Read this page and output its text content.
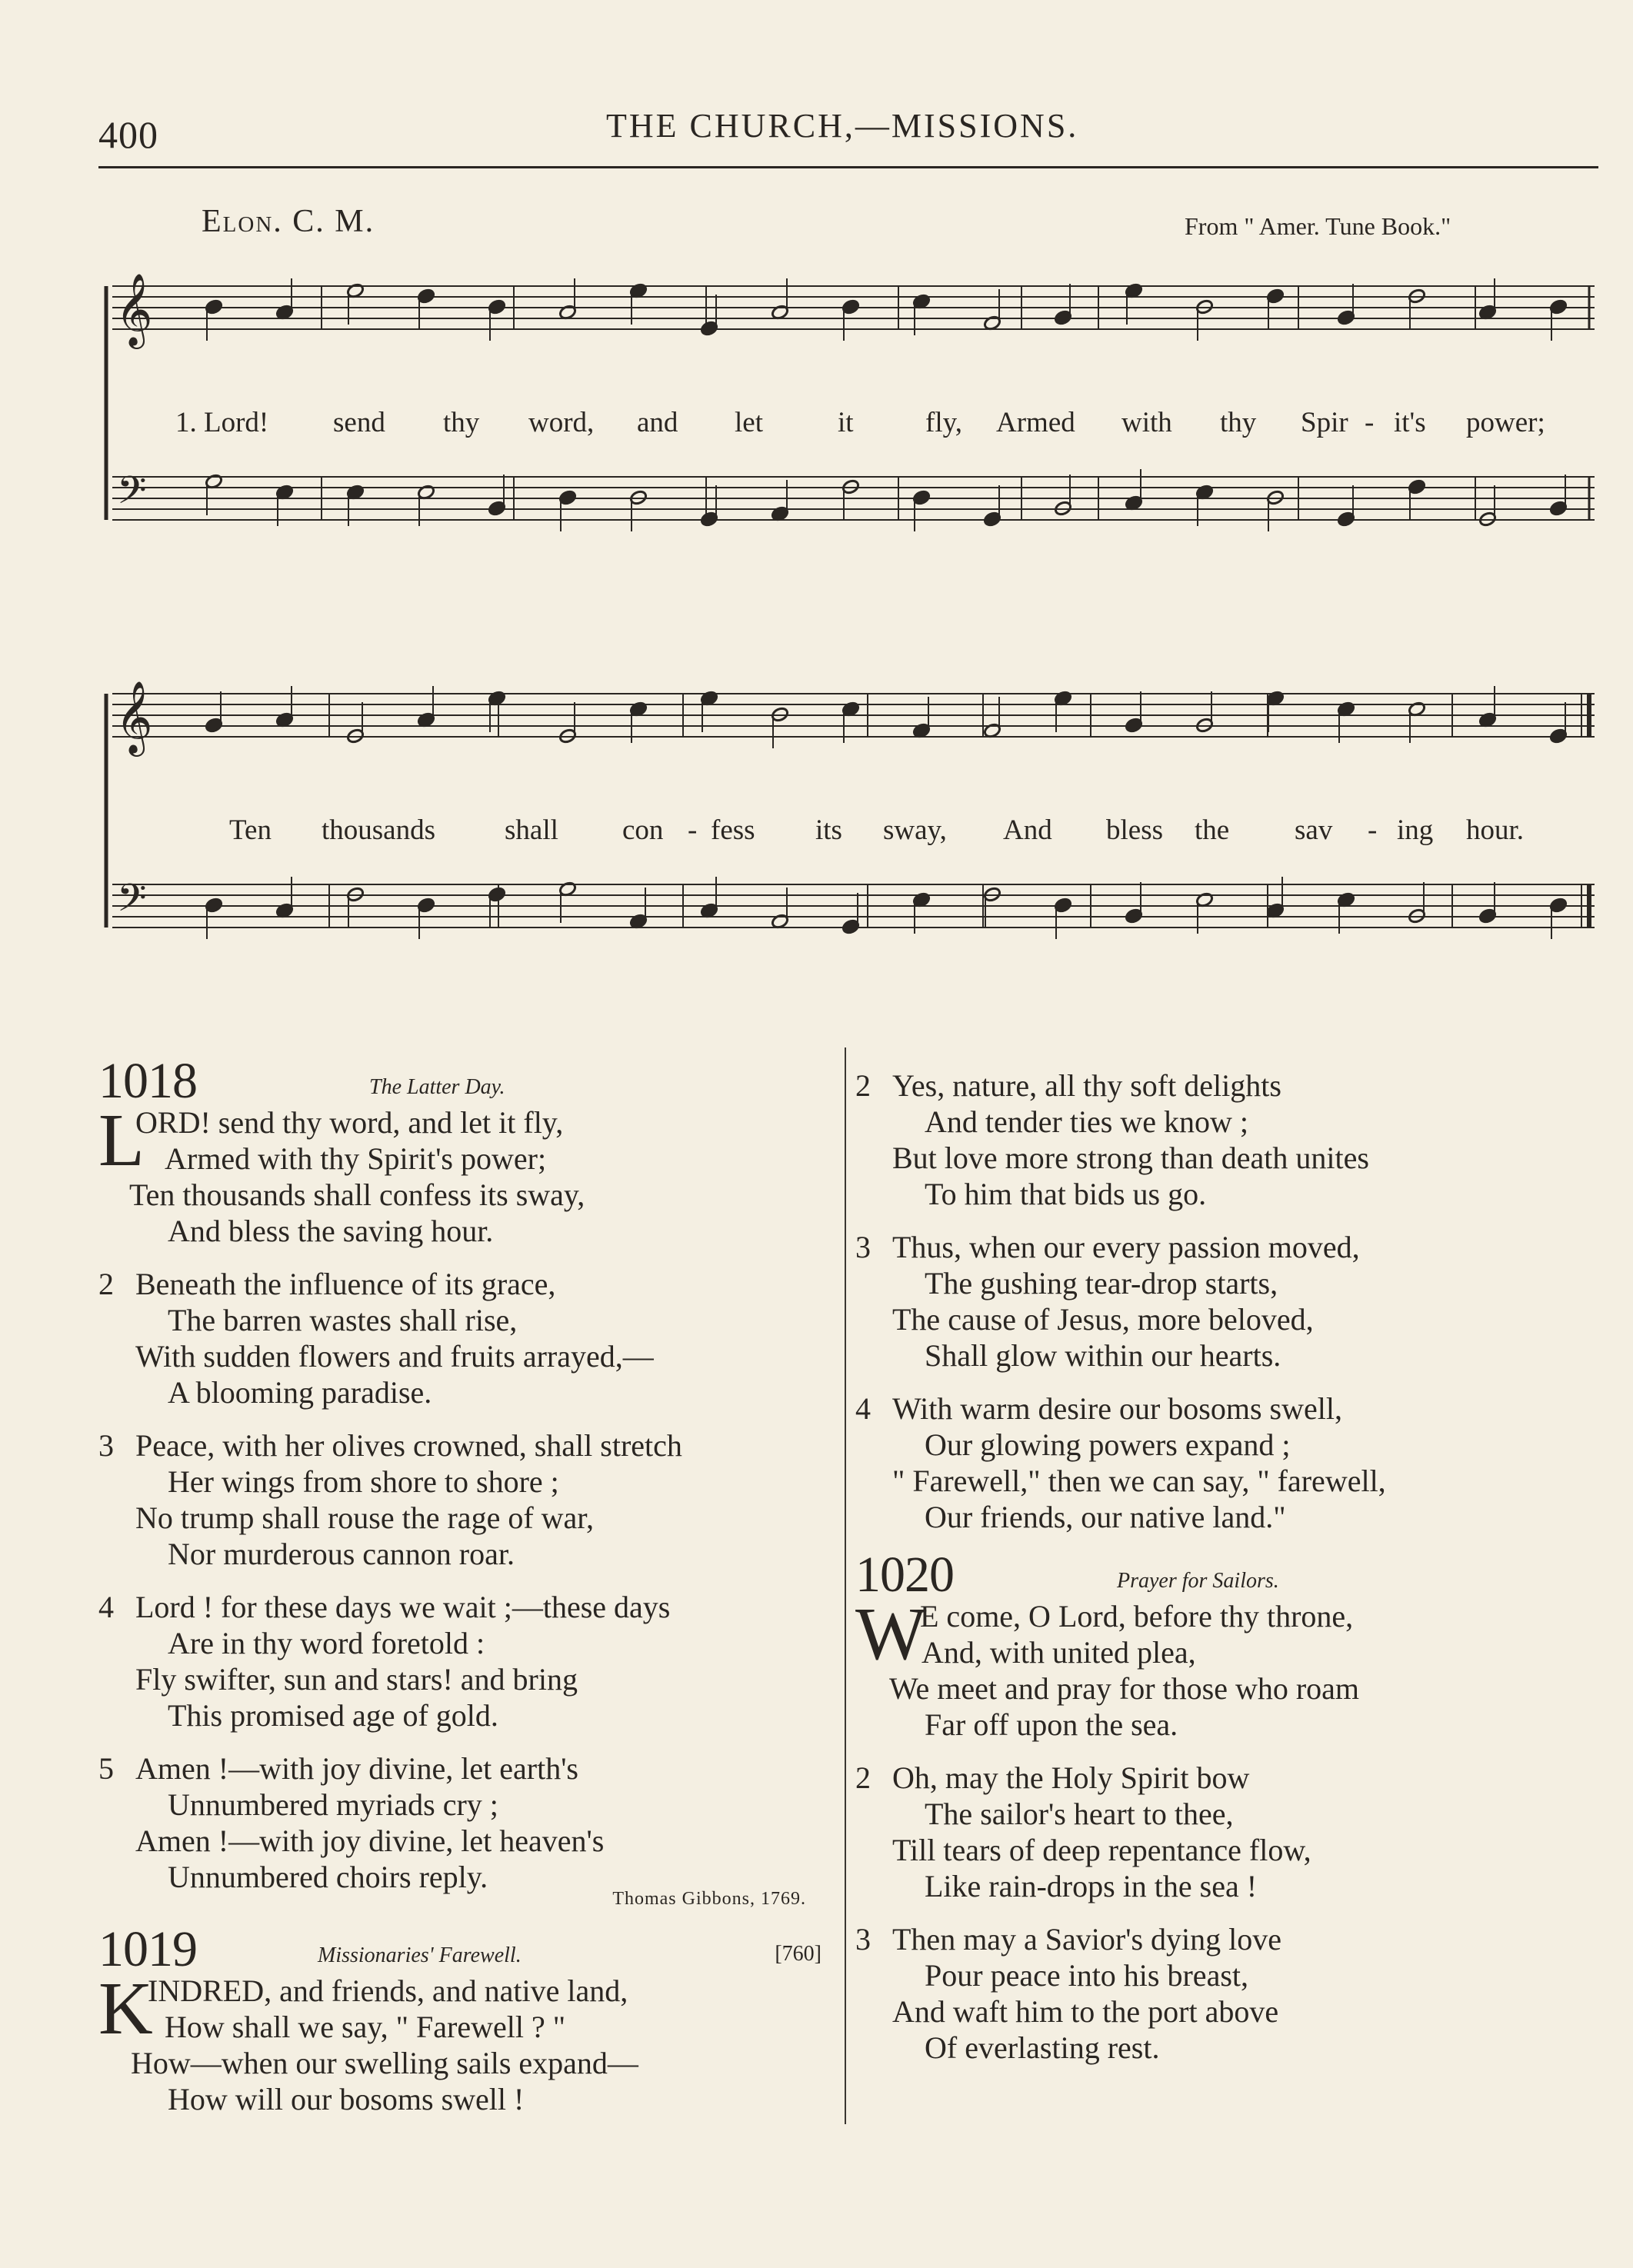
400	THE CHURCH,—MISSIONS.
Elon. C. M.	From " Amer. Tune Book."
𝄞
𝄢
1. Lord! send thy word, and let	it	fly, Armed with thy Spir - it's power;
𝄞
𝄢
Ten thousands shall con - fess its sway, And bless the sav - ing hour.
1018	The Latter Day.
L
ORD! send thy word, and let it fly,
Armed with thy Spirit's power;
Ten thousands shall confess its sway,
And bless the saving hour.
2 Beneath the influence of its grace,
The barren wastes shall rise,
With sudden flowers and fruits arrayed,—
A blooming paradise.
3 Peace, with her olives crowned, shall stretch
Her wings from shore to shore ;
No trump shall rouse the rage of war,
Nor murderous cannon roar.
4 Lord ! for these days we wait ;—these days
Are in thy word foretold :
Fly swifter, sun and stars! and bring
This promised age of gold.
5 Amen !—with joy divine, let earth's
Unnumbered myriads cry ;
Amen !—with joy divine, let heaven's
Unnumbered choirs reply.
Thomas Gibbons, 1769.
1019	Missionaries' Farewell.	[760]
K
INDRED, and friends, and native land,
How shall we say, " Farewell ? "
How—when our swelling sails expand—
How will our bosoms swell !
2 Yes, nature, all thy soft delights
And tender ties we know ;
But love more strong than death unites
To him that bids us go.
3 Thus, when our every passion moved,
The gushing tear-drop starts,
The cause of Jesus, more beloved,
Shall glow within our hearts.
4 With warm desire our bosoms swell,
Our glowing powers expand ;
" Farewell," then we can say, " farewell,
Our friends, our native land."
1020	Prayer for Sailors.
W
E come, O Lord, before thy throne,
And, with united plea,
We meet and pray for those who roam
Far off upon the sea.
2 Oh, may the Holy Spirit bow
The sailor's heart to thee,
Till tears of deep repentance flow,
Like rain-drops in the sea !
3 Then may a Savior's dying love
Pour peace into his breast,
And waft him to the port above
Of everlasting rest.
